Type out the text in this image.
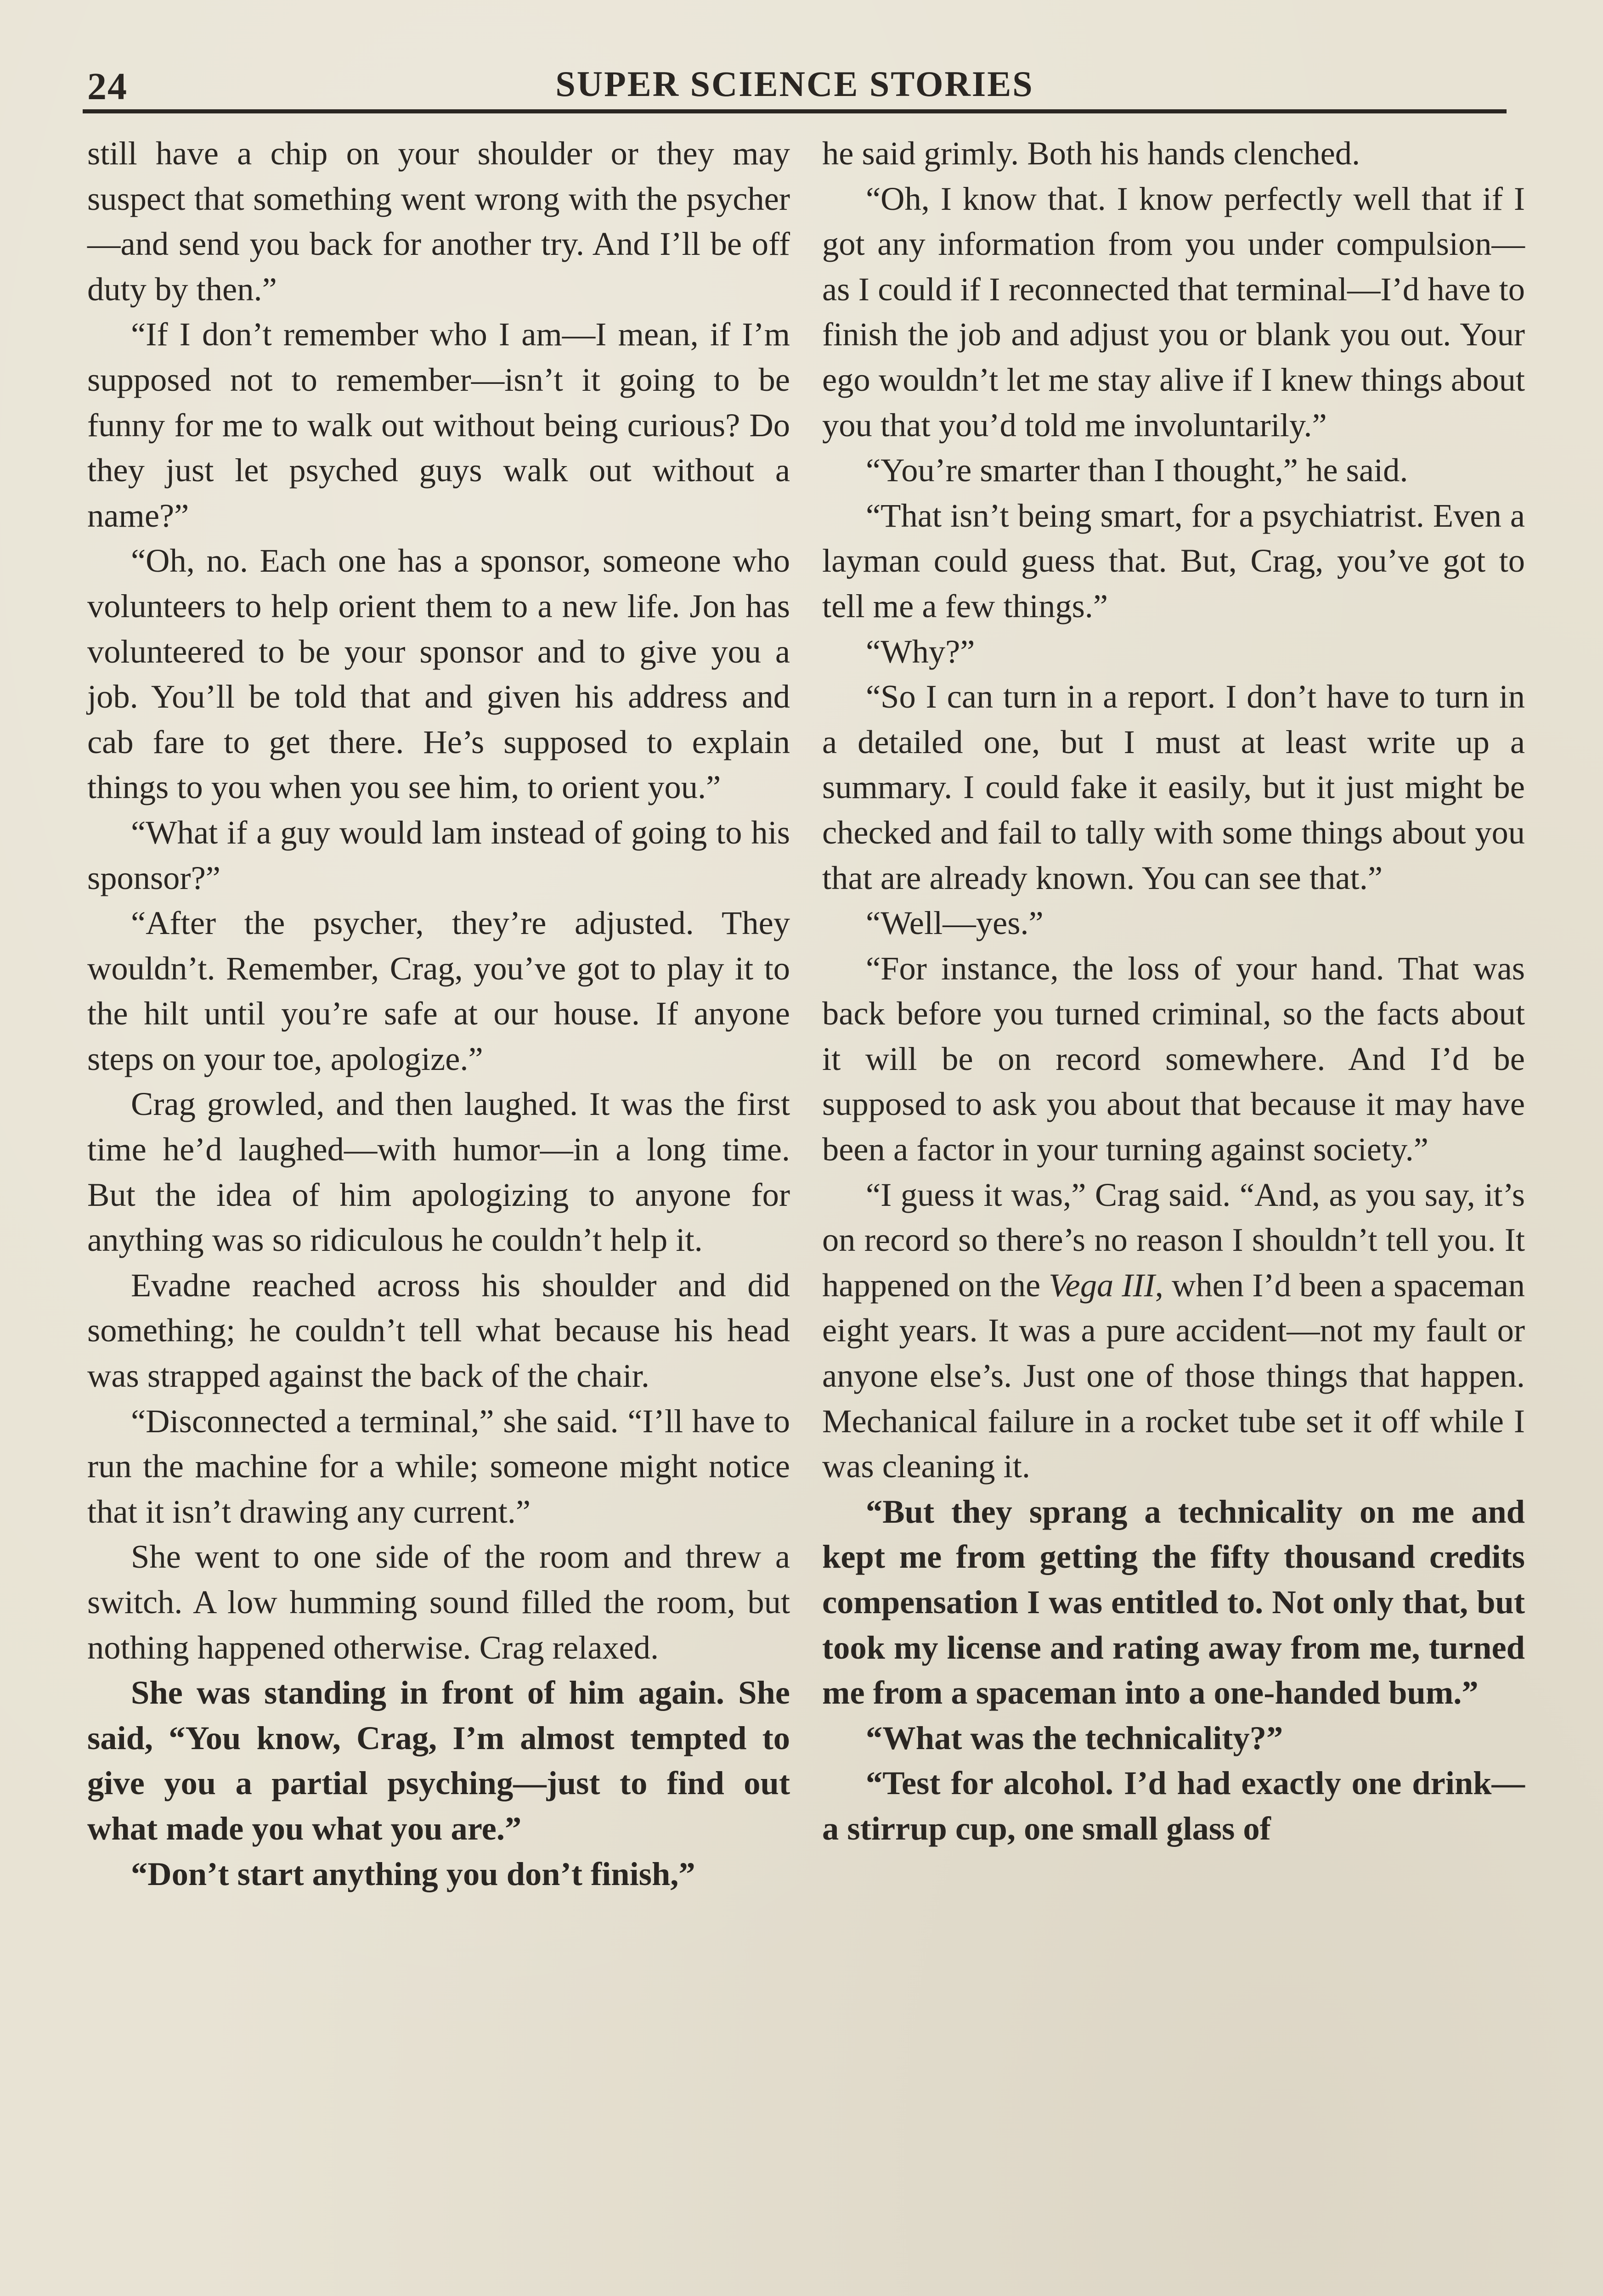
24	SUPER SCIENCE STORIES

still have a chip on your shoulder or they may suspect that something went wrong with the psycher—and send you back for another try. And I’ll be off duty by then.”

“If I don’t remember who I am—I mean, if I’m supposed not to remember—isn’t it going to be funny for me to walk out without being curious? Do they just let psyched guys walk out without a name?”

“Oh, no. Each one has a sponsor, someone who volunteers to help orient them to a new life. Jon has volunteered to be your sponsor and to give you a job. You’ll be told that and given his address and cab fare to get there. He’s supposed to explain things to you when you see him, to orient you.”

“What if a guy would lam instead of going to his sponsor?”

“After the psycher, they’re adjusted. They wouldn’t. Remember, Crag, you’ve got to play it to the hilt until you’re safe at our house. If anyone steps on your toe, apologize.”

Crag growled, and then laughed. It was the first time he’d laughed—with humor—in a long time. But the idea of him apologizing to anyone for anything was so ridiculous he couldn’t help it.

Evadne reached across his shoulder and did something; he couldn’t tell what because his head was strapped against the back of the chair.

“Disconnected a terminal,” she said. “I’ll have to run the machine for a while; someone might notice that it isn’t drawing any current.”

She went to one side of the room and threw a switch. A low humming sound filled the room, but nothing happened otherwise. Crag relaxed.

She was standing in front of him again. She said, “You know, Crag, I’m almost tempted to give you a partial psyching—just to find out what made you what you are.”

“Don’t start anything you don’t finish,”

he said grimly. Both his hands clenched.

“Oh, I know that. I know perfectly well that if I got any information from you under compulsion—as I could if I reconnected that terminal—I’d have to finish the job and adjust you or blank you out. Your ego wouldn’t let me stay alive if I knew things about you that you’d told me involuntarily.”

“You’re smarter than I thought,” he said.

“That isn’t being smart, for a psychiatrist. Even a layman could guess that. But, Crag, you’ve got to tell me a few things.”

“Why?”

“So I can turn in a report. I don’t have to turn in a detailed one, but I must at least write up a summary. I could fake it easily, but it just might be checked and fail to tally with some things about you that are already known. You can see that.”

“Well—yes.”

“For instance, the loss of your hand. That was back before you turned criminal, so the facts about it will be on record somewhere. And I’d be supposed to ask you about that because it may have been a factor in your turning against society.”

“I guess it was,” Crag said. “And, as you say, it’s on record so there’s no reason I shouldn’t tell you. It happened on the Vega III, when I’d been a spaceman eight years. It was a pure accident—not my fault or anyone else’s. Just one of those things that happen. Mechanical failure in a rocket tube set it off while I was cleaning it.

“But they sprang a technicality on me and kept me from getting the fifty thousand credits compensation I was entitled to. Not only that, but took my license and rating away from me, turned me from a spaceman into a one-handed bum.”

“What was the technicality?”

“Test for alcohol. I’d had exactly one drink—a stirrup cup, one small glass of
